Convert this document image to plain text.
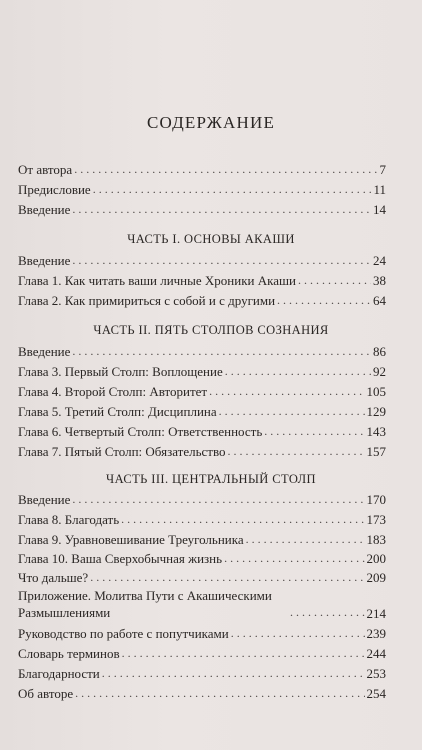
СОДЕРЖАНИЕ
От автора .....	7
Предисловие .....	11
Введение .....	14
ЧАСТЬ I. ОСНОВЫ АКАШИ
Введение .....	24
Глава 1. Как читать ваши личные Хроники Акаши .....	38
Глава 2. Как примириться с собой и с другими .....	64
ЧАСТЬ II. ПЯТЬ СТОЛПОВ СОЗНАНИЯ
Введение .....	86
Глава 3. Первый Столп: Воплощение .....	92
Глава 4. Второй Столп: Авторитет .....	105
Глава 5. Третий Столп: Дисциплина .....	129
Глава 6. Четвертый Столп: Ответственность .....	143
Глава 7. Пятый Столп: Обязательство .....	157
ЧАСТЬ III. ЦЕНТРАЛЬНЫЙ СТОЛП
Введение .....	170
Глава 8. Благодать .....	173
Глава 9. Уравновешивание Треугольника .....	183
Глава 10. Ваша Сверхобычная жизнь .....	200
Что дальше? .....	209
Приложение. Молитва Пути с Акашическими Размышлениями .....	214
Руководство по работе с попутчиками .....	239
Словарь терминов .....	244
Благодарности .....	253
Об авторе .....	254
